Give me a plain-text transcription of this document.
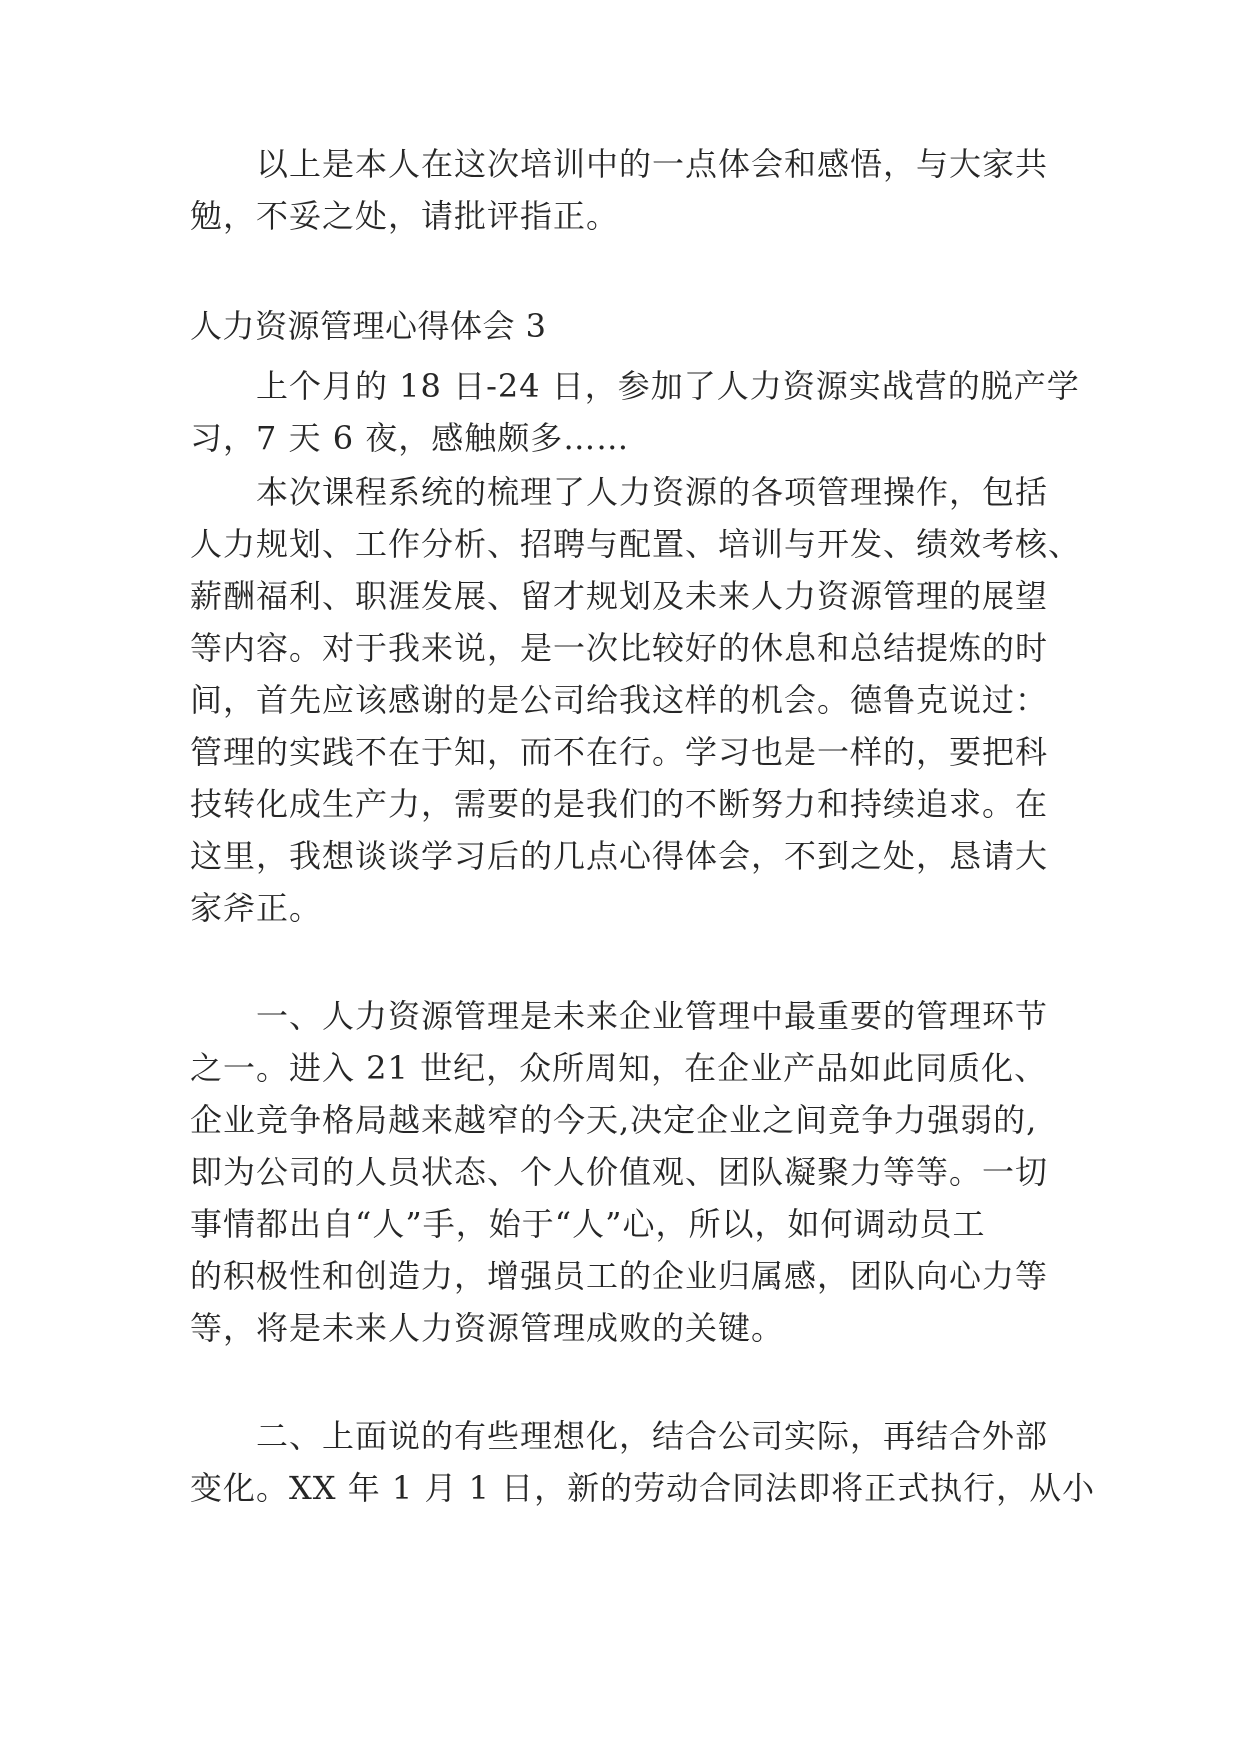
以上是本人在这次培训中的一点体会和感悟，与大家共
勉，不妥之处，请批评指正。
人力资源管理心得体会 3
上个月的 18 日-24 日，参加了人力资源实战营的脱产学
习，7 天 6 夜，感触颇多……
本次课程系统的梳理了人力资源的各项管理操作，包括
人力规划、工作分析、招聘与配置、培训与开发、绩效考核、
薪酬福利、职涯发展、留才规划及未来人力资源管理的展望
等内容。对于我来说，是一次比较好的休息和总结提炼的时
间，首先应该感谢的是公司给我这样的机会。德鲁克说过：
管理的实践不在于知，而不在行。学习也是一样的，要把科
技转化成生产力，需要的是我们的不断努力和持续追求。在
这里，我想谈谈学习后的几点心得体会，不到之处，恳请大
家斧正。
一、人力资源管理是未来企业管理中最重要的管理环节
之一。进入 21 世纪，众所周知，在企业产品如此同质化、
企业竞争格局越来越窄的今天,决定企业之间竞争力强弱的,
即为公司的人员状态、个人价值观、团队凝聚力等等。一切
事情都出自“人”手，始于“人”心，所以，如何调动员工
的积极性和创造力，增强员工的企业归属感，团队向心力等
等，将是未来人力资源管理成败的关键。
二、上面说的有些理想化，结合公司实际，再结合外部
变化。XX 年 1 月 1 日，新的劳动合同法即将正式执行，从小
